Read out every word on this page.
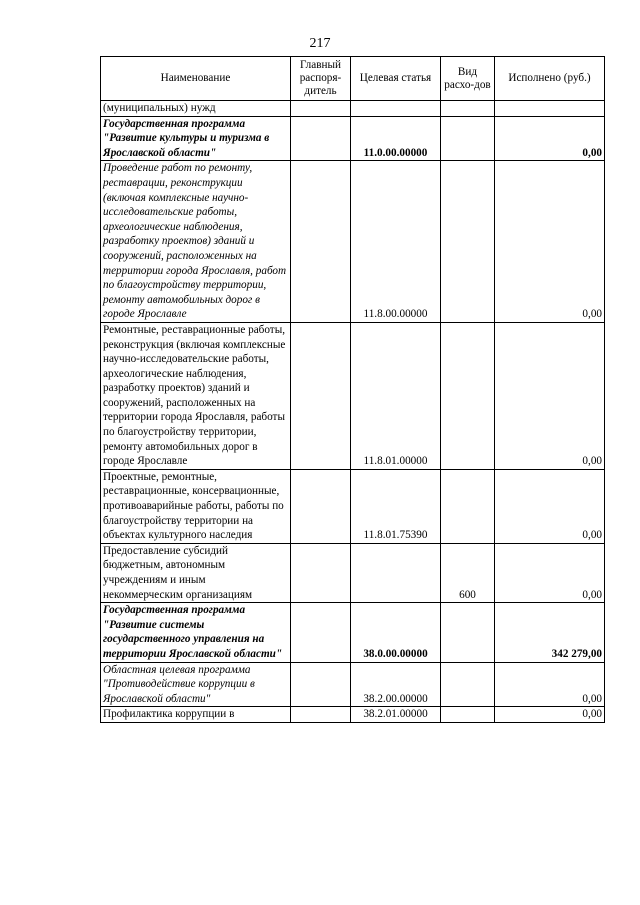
217
Наименование	Главный распоря-дитель	Целевая статья	Вид расхо-дов	Исполнено (руб.)
(муниципальных) нужд				
Государственная программа "Развитие культуры и туризма в Ярославской области"		11.0.00.00000		0,00
Проведение работ по ремонту, реставрации, реконструкции (включая комплексные научно-исследовательские работы, археологические наблюдения, разработку проектов) зданий и сооружений, расположенных на территории города Ярославля, работ по благоустройству территории, ремонту автомобильных дорог в городе Ярославле		11.8.00.00000		0,00
Ремонтные, реставрационные работы, реконструкция (включая комплексные научно-исследовательские работы, археологические наблюдения, разработку проектов) зданий и сооружений, расположенных на территории города Ярославля, работы по благоустройству территории, ремонту автомобильных дорог в городе Ярославле		11.8.01.00000		0,00
Проектные, ремонтные, реставрационные, консервационные, противоаварийные работы, работы по благоустройству территории на объектах культурного наследия		11.8.01.75390		0,00
Предоставление субсидий бюджетным, автономным учреждениям и иным некоммерческим организациям			600	0,00
Государственная программа "Развитие системы государственного управления на территории Ярославской области"		38.0.00.00000		342 279,00
Областная целевая программа "Противодействие коррупции в Ярославской области"		38.2.00.00000		0,00
Профилактика коррупции в		38.2.01.00000		0,00
